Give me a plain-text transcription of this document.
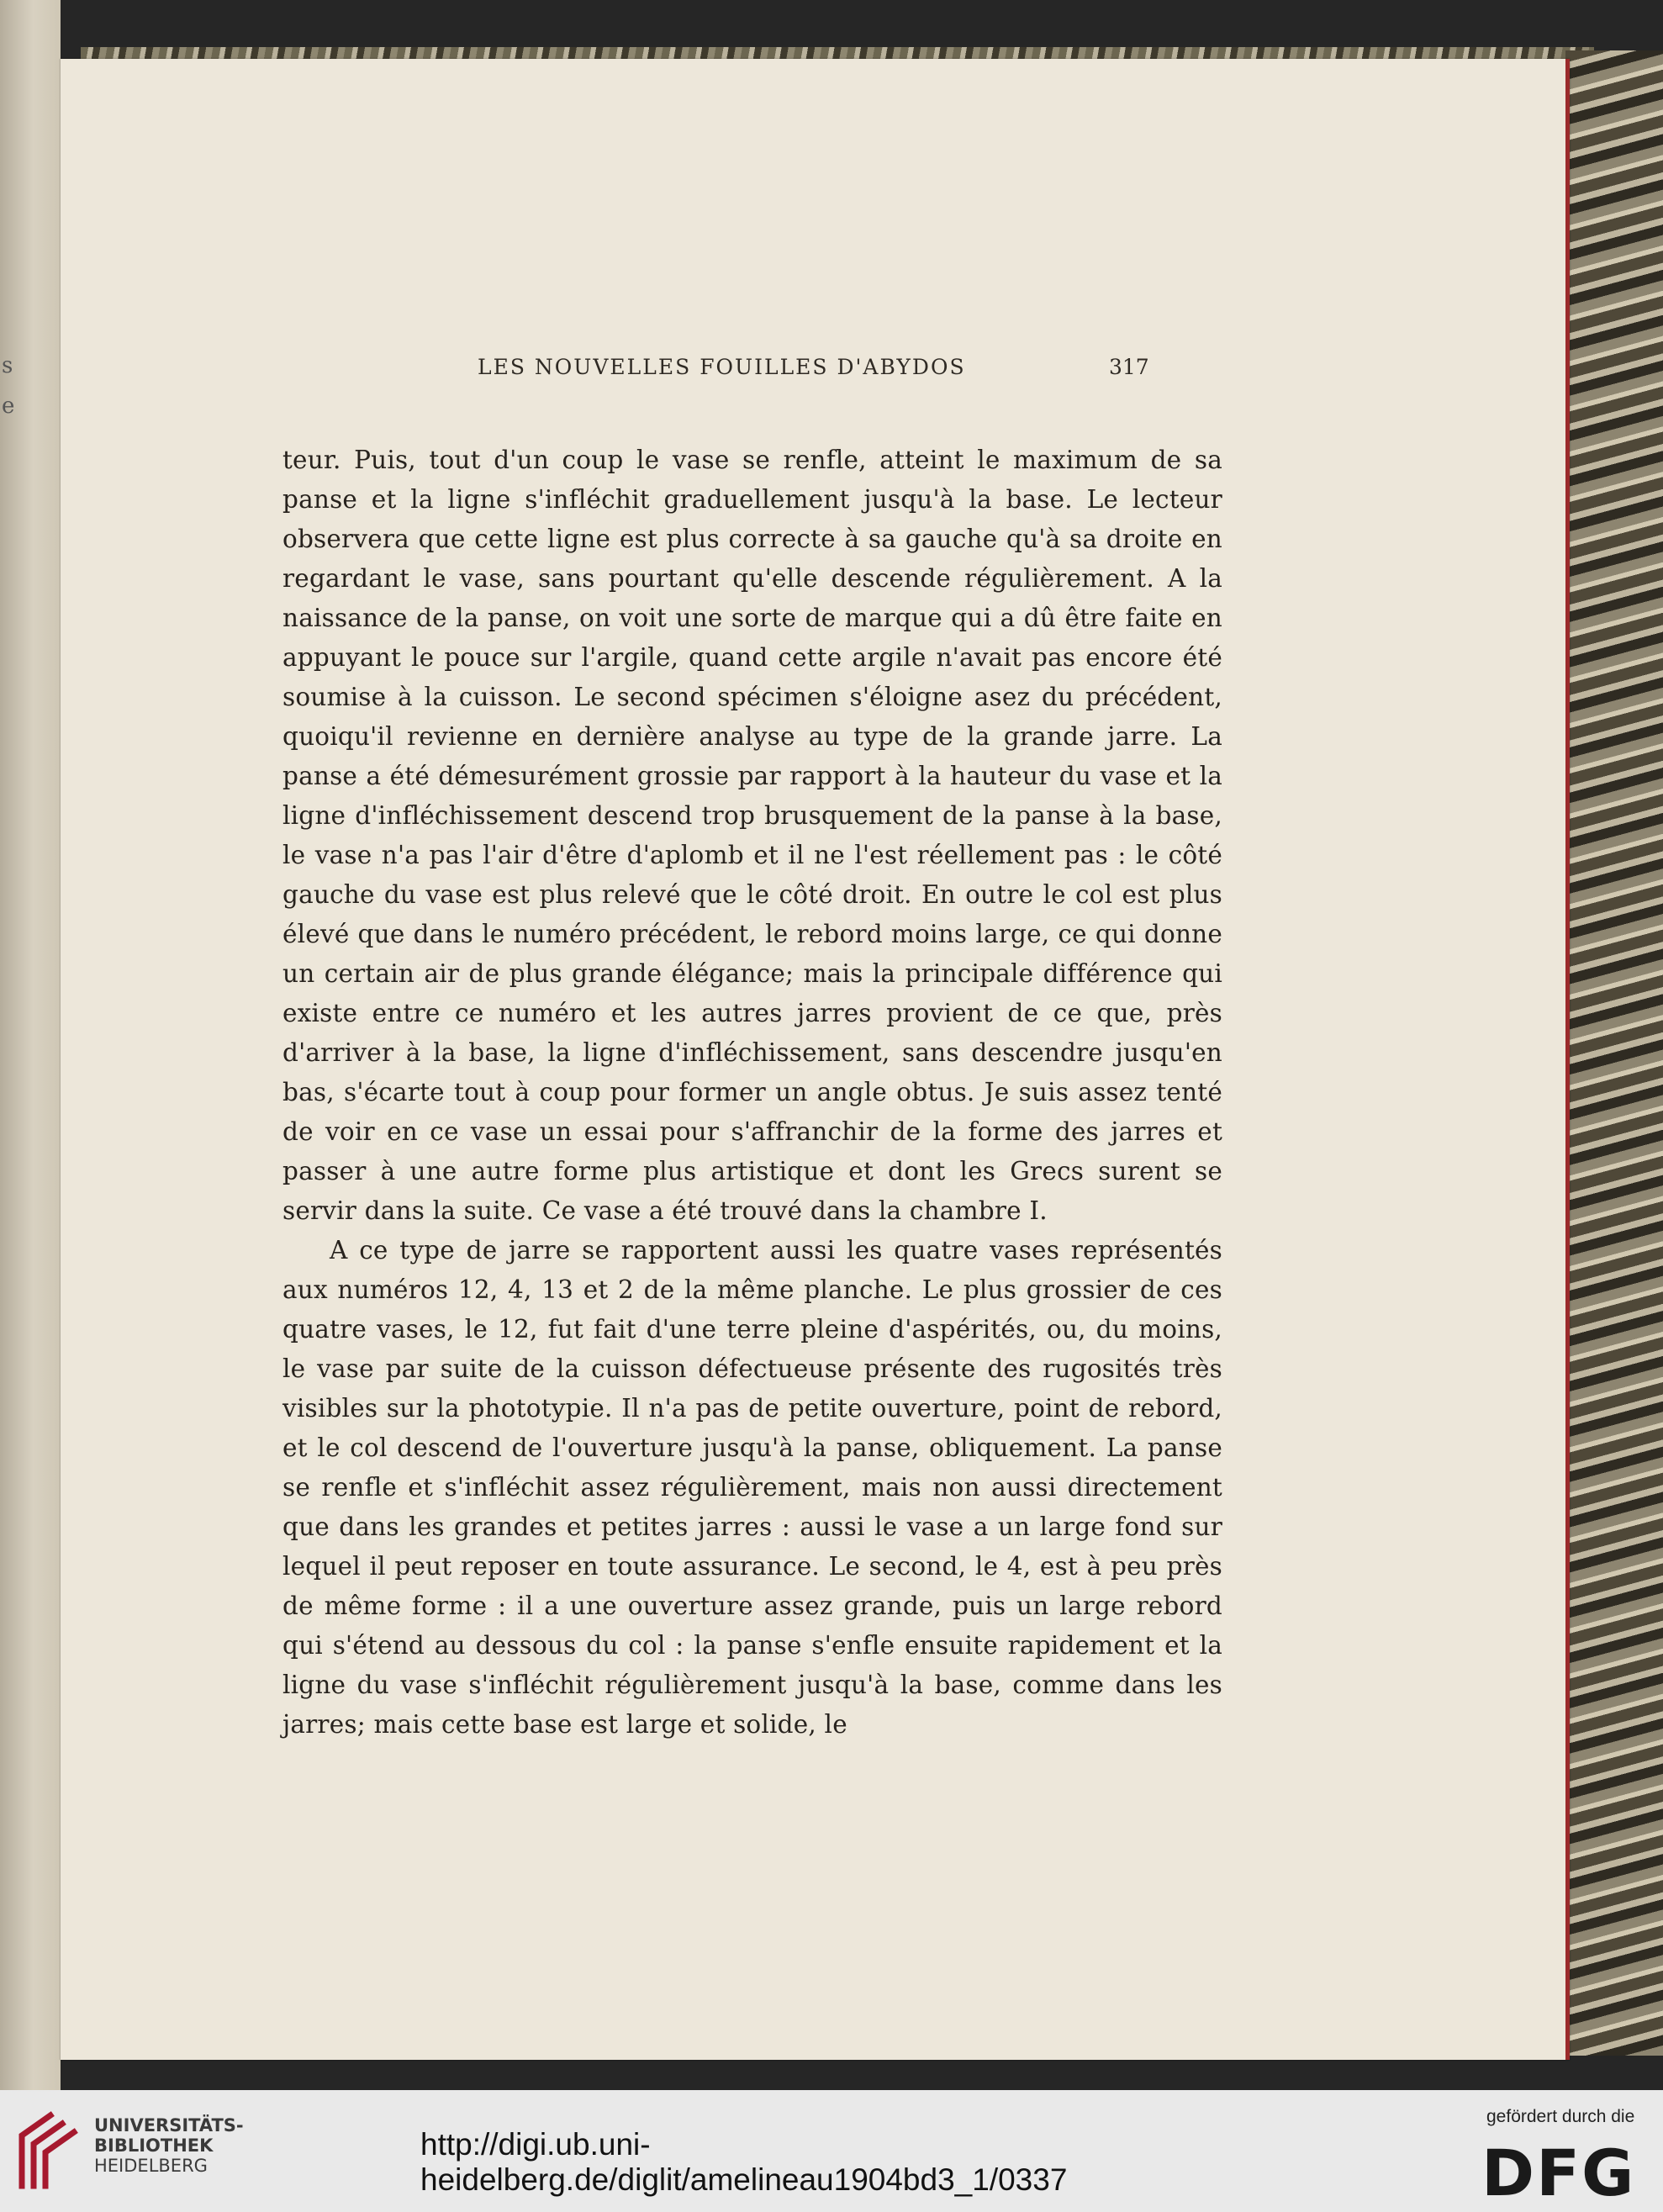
s
e
LES NOUVELLES FOUILLES D'ABYDOS	317

teur. Puis, tout d'un coup le vase se renfle, atteint le maximum de sa panse et la ligne s'infléchit graduellement jusqu'à la base. Le lecteur observera que cette ligne est plus correcte à sa gauche qu'à sa droite en regardant le vase, sans pourtant qu'elle descende régulièrement. A la naissance de la panse, on voit une sorte de marque qui a dû être faite en appuyant le pouce sur l'argile, quand cette argile n'avait pas encore été soumise à la cuisson. Le second spécimen s'éloigne asez du précédent, quoiqu'il revienne en dernière analyse au type de la grande jarre. La panse a été démesurément grossie par rapport à la hauteur du vase et la ligne d'infléchissement descend trop brusquement de la panse à la base, le vase n'a pas l'air d'être d'aplomb et il ne l'est réellement pas : le côté gauche du vase est plus relevé que le côté droit. En outre le col est plus élevé que dans le numéro précédent, le rebord moins large, ce qui donne un certain air de plus grande élégance; mais la principale différence qui existe entre ce numéro et les autres jarres provient de ce que, près d'arriver à la base, la ligne d'infléchissement, sans descendre jusqu'en bas, s'écarte tout à coup pour former un angle obtus. Je suis assez tenté de voir en ce vase un essai pour s'affranchir de la forme des jarres et passer à une autre forme plus artistique et dont les Grecs surent se servir dans la suite. Ce vase a été trouvé dans la chambre I.

A ce type de jarre se rapportent aussi les quatre vases représentés aux numéros 12, 4, 13 et 2 de la même planche. Le plus grossier de ces quatre vases, le 12, fut fait d'une terre pleine d'aspérités, ou, du moins, le vase par suite de la cuisson défectueuse présente des rugosités très visibles sur la phototypie. Il n'a pas de petite ouverture, point de rebord, et le col descend de l'ouverture jusqu'à la panse, obliquement. La panse se renfle et s'infléchit assez régulièrement, mais non aussi directement que dans les grandes et petites jarres : aussi le vase a un large fond sur lequel il peut reposer en toute assurance. Le second, le 4, est à peu près de même forme : il a une ouverture assez grande, puis un large rebord qui s'étend au dessous du col : la panse s'enfle ensuite rapidement et la ligne du vase s'infléchit régulièrement jusqu'à la base, comme dans les jarres; mais cette base est large et solide, le

UNIVERSITÄTS-
BIBLIOTHEK
HEIDELBERG
http://digi.ub.uni-heidelberg.de/diglit/amelineau1904bd3_1/0337
gefördert durch die
DFG
